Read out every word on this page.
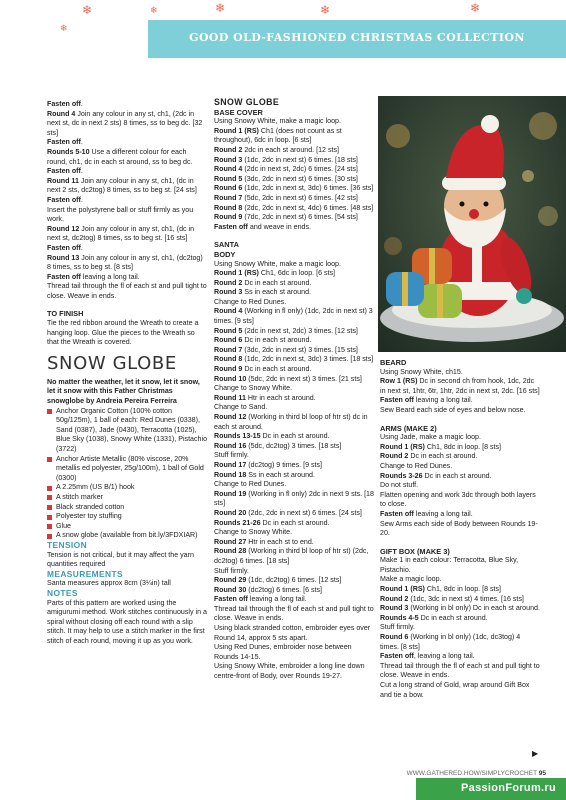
GOOD OLD-FASHIONED CHRISTMAS COLLECTION
❄
❄
❄	❄	❄
❄

Fasten off.

Round 4 Join any colour in any st, ch1, (2dc in next st, dc in next 2 sts) 8 times, ss to beg dc. [32 sts]

Fasten off.

Rounds 5-10 Use a different colour for each round, ch1, dc in each st around, ss to beg dc.

Fasten off.

Round 11 Join any colour in any st, ch1, (dc in next 2 sts, dc2tog) 8 times, ss to beg st. [24 sts]

Fasten off.

Insert the polystyrene ball or stuff firmly as you work.

Round 12 Join any colour in any st, ch1, (dc in next st, dc2tog) 8 times, ss to beg st. [16 sts]

Fasten off.

Round 13 Join any colour in any st, ch1, (dc2tog) 8 times, ss to beg st. [8 sts]

Fasten off leaving a long tail.

Thread tail through the fl of each st and pull tight to close. Weave in ends.

TO FINISH

Tie the red ribbon around the Wreath to create a hanging loop. Glue the pieces to the Wreath so that the Wreath is covered.

SNOW GLOBE

No matter the weather, let it snow, let it snow, let it snow with this Father Christmas snowglobe by Andreia Pereira Ferreira

Anchor Organic Cotton (100% cotton 50g/125m), 1 ball of each: Red Dunes (0338), Sand (0387), Jade (0430), Terracotta (1025), Blue Sky (1038), Snowy White (1331), Pistachio (3722)
Anchor Artiste Metallic (80% viscose, 20% metallis ed polyester, 25g/100m), 1 ball of Gold (0300)
A 2.25mm (US B/1) hook
A stitch marker
Black stranded cotton
Polyester toy stuffing
Glue
A snow globe (available from bit.ly/3FDXIAR)

TENSION

Tension is not critical, but it may affect the yarn quantities required

MEASUREMENTS

Santa measures approx 8cm (3¼in) tall

NOTES

Parts of this pattern are worked using the amigurumi method. Work stitches continuously in a spiral without closing off each round with a slip stitch. It may help to use a stitch marker in the first stitch of each round, moving it up as you work.

SNOW GLOBE

BASE COVER

Using Snowy White, make a magic loop.

Round 1 (RS) Ch1 (does not count as st throughout), 6dc in loop. [6 sts]

Round 2 2dc in each st around. [12 sts]

Round 3 (1dc, 2dc in next st) 6 times. [18 sts]

Round 4 (2dc in next st, 2dc) 6 times. [24 sts]

Round 5 (3dc, 2dc in next st) 6 times. [30 sts]

Round 6 (1dc, 2dc in next st, 3dc) 6 times. [36 sts]

Round 7 (5dc, 2dc in next st) 6 times. [42 sts]

Round 8 (2dc, 2dc in next st, 4dc) 6 times. [48 sts]

Round 9 (7dc, 2dc in next st) 6 times. [54 sts]

Fasten off and weave in ends.

SANTA

BODY

Using Snowy White, make a magic loop.

Round 1 (RS) Ch1, 6dc in loop. [6 sts]

Round 2 Dc in each st around.

Round 3 Ss in each st around.

Change to Red Dunes.

Round 4 (Working in fl only) (1dc, 2dc in next st) 3 times. [9 sts]

Round 5 (2dc in next st, 2dc) 3 times. [12 sts]

Round 6 Dc in each st around.

Round 7 (3dc, 2dc in next st) 3 times. [15 sts]

Round 8 (1dc, 2dc in next st, 3dc) 3 times. [18 sts]

Round 9 Dc in each st around.

Round 10 (5dc, 2dc in next st) 3 times. [21 sts]

Change to Snowy White.

Round 11 Htr in each st around.

Change to Sand.

Round 12 (Working in third bl loop of htr st) dc in each st around.

Rounds 13-15 Dc in each st around.

Round 16 (5dc, dc2tog) 3 times. [18 sts]

Stuff firmly.

Round 17 (dc2tog) 9 times. [9 sts]

Round 18 Ss in each st around.

Change to Red Dunes.

Round 19 (Working in fl only) 2dc in next 9 sts. [18 sts]

Round 20 (2dc, 2dc in next st) 6 times. [24 sts]

Rounds 21-26 Dc in each st around.

Change to Snowy White.

Round 27 Htr in each st to end.

Round 28 (Working in third bl loop of htr st) (2dc, dc2tog) 6 times. [18 sts]

Stuff firmly.

Round 29 (1dc, dc2tog) 6 times. [12 sts]

Round 30 (dc2tog) 6 times. [6 sts]

Fasten off leaving a long tail.

Thread tail through the fl of each st and pull tight to close. Weave in ends.

Using black stranded cotton, embroider eyes over Round 14, approx 5 sts apart.

Using Red Dunes, embroider nose between Rounds 14-15.

Using Snowy White, embroider a long line down centre-front of Body, over Rounds 19-27.

BEARD

Using Snowy White, ch15.

Row 1 (RS) Dc in second ch from hook, 1dc, 2dc in next st, 1htr, 6tr, 1htr, 2dc in next st, 2dc. [16 sts]

Fasten off leaving a long tail.

Sew Beard each side of eyes and below nose.

ARMS (MAKE 2)

Using Jade, make a magic loop.

Round 1 (RS) Ch1, 8dc in loop. [8 sts]

Round 2 Dc in each st around.

Change to Red Dunes.

Rounds 3-26 Dc in each st around.

Do not stuff.

Flatten opening and work 3dc through both layers to close.

Fasten off leaving a long tail.

Sew Arms each side of Body between Rounds 19-20.

GIFT BOX (MAKE 3)

Make 1 in each colour: Terracotta, Blue Sky, Pistachio.

Make a magic loop.

Round 1 (RS) Ch1, 8dc in loop. [8 sts]

Round 2 (1dc, 3dc in next st) 4 times. [16 sts]

Round 3 (Working in bl only) Dc in each st around.

Rounds 4-5 Dc in each st around.

Stuff firmly.

Round 6 (Working in bl only) (1dc, dc3tog) 4 times. [8 sts]

Fasten off, leaving a long tail.

Thread tail through the fl of each st and pull tight to close. Weave in ends.

Cut a long strand of Gold, wrap around Gift Box and tie a bow.

▶
WWW.GATHERED.HOW/SIMPLYCROCHET 95
PassionForum.ru
